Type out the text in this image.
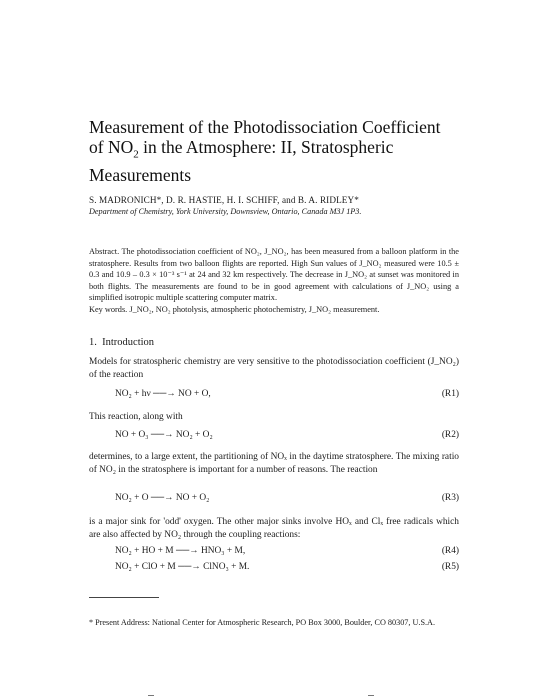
Measurement of the Photodissociation Coefficient
of $NO_2$ in the Atmosphere: II, Stratospheric
Measurements
S. MADRONICH*, D. R. HASTIE, H. I. SCHIFF, and B. A. RIDLEY*
Department of Chemistry, York University, Downsview, Ontario, Canada M3J 1P3.
Abstract. The photodissociation coefficient of NO₂, J_NO₂, has been measured from a balloon platform in the stratosphere. Results from two balloon flights are reported. High Sun values of J_NO₂ measured were 10.5 ± 0.3 and 10.9 – 0.3 × 10⁻³ s⁻¹ at 24 and 32 km respectively. The decrease in J_NO₂ at sunset was monitored in both flights. The measurements are found to be in good agreement with calculations of J_NO₂ using a simplified isotropic multiple scattering computer matrix.
Key words. J_NO₂, NO₂ photolysis, atmospheric photochemistry, J_NO₂ measurement.
1. Introduction
Models for stratospheric chemistry are very sensitive to the photodissociation coefficient (J_NO₂) of the reaction
NO₂ + hν ──→ NO + O,	(R1)
This reaction, along with
NO + O₃ ──→ NO₂ + O₂	(R2)
determines, to a large extent, the partitioning of NOₓ in the daytime stratosphere. The mixing ratio of NO₂ in the stratosphere is important for a number of reasons. The reaction
NO₂ + O ──→ NO + O₂	(R3)
is a major sink for 'odd' oxygen. The other major sinks involve HOₓ and Clₓ free radicals which are also affected by NO₂ through the coupling reactions:
NO₂ + HO + M ──→ HNO₃ + M,	(R4)
NO₂ + ClO + M ──→ ClNO₃ + M.	(R5)
* Present Address: National Center for Atmospheric Research, PO Box 3000, Boulder, CO 80307, U.S.A.
